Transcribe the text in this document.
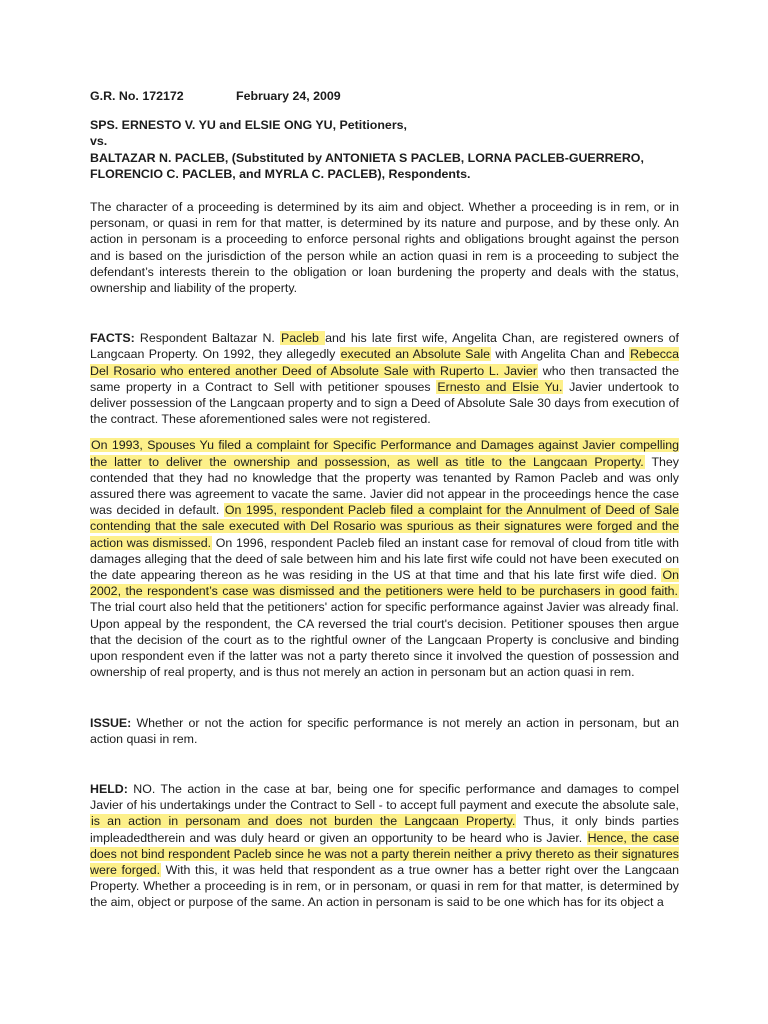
G.R. No. 172172	February 24, 2009
SPS. ERNESTO V. YU and ELSIE ONG YU, Petitioners,
vs.
BALTAZAR N. PACLEB, (Substituted by ANTONIETA S PACLEB, LORNA PACLEB-GUERRERO,
FLORENCIO C. PACLEB, and MYRLA C. PACLEB), Respondents.

The character of a proceeding is determined by its aim and object. Whether a proceeding is in rem, or in personam, or quasi in rem for that matter, is determined by its nature and purpose, and by these only. An action in personam is a proceeding to enforce personal rights and obligations brought against the person and is based on the jurisdiction of the person while an action quasi in rem is a proceeding to subject the defendant’s interests therein to the obligation or loan burdening the property and deals with the status, ownership and liability of the property.

FACTS: Respondent Baltazar N. Pacleb and his late first wife, Angelita Chan, are registered owners of Langcaan Property. On 1992, they allegedly executed an Absolute Sale with Angelita Chan and Rebecca Del Rosario who entered another Deed of Absolute Sale with Ruperto L. Javier who then transacted the same property in a Contract to Sell with petitioner spouses Ernesto and Elsie Yu. Javier undertook to deliver possession of the Langcaan property and to sign a Deed of Absolute Sale 30 days from execution of the contract. These aforementioned sales were not registered.

On 1993, Spouses Yu filed a complaint for Specific Performance and Damages against Javier compelling the latter to deliver the ownership and possession, as well as title to the Langcaan Property. They contended that they had no knowledge that the property was tenanted by Ramon Pacleb and was only assured there was agreement to vacate the same. Javier did not appear in the proceedings hence the case was decided in default. On 1995, respondent Pacleb filed a complaint for the Annulment of Deed of Sale contending that the sale executed with Del Rosario was spurious as their signatures were forged and the action was dismissed. On 1996, respondent Pacleb filed an instant case for removal of cloud from title with damages alleging that the deed of sale between him and his late first wife could not have been executed on the date appearing thereon as he was residing in the US at that time and that his late first wife died. On 2002, the respondent’s case was dismissed and the petitioners were held to be purchasers in good faith. The trial court also held that the petitioners' action for specific performance against Javier was already final. Upon appeal by the respondent, the CA reversed the trial court's decision. Petitioner spouses then argue that the decision of the court as to the rightful owner of the Langcaan Property is conclusive and binding upon respondent even if the latter was not a party thereto since it involved the question of possession and ownership of real property, and is thus not merely an action in personam but an action quasi in rem.

ISSUE: Whether or not the action for specific performance is not merely an action in personam, but an action quasi in rem.

HELD: NO. The action in the case at bar, being one for specific performance and damages to compel Javier of his undertakings under the Contract to Sell - to accept full payment and execute the absolute sale, is an action in personam and does not burden the Langcaan Property. Thus, it only binds parties impleadedtherein and was duly heard or given an opportunity to be heard who is Javier. Hence, the case does not bind respondent Pacleb since he was not a party therein neither a privy thereto as their signatures were forged. With this, it was held that respondent as a true owner has a better right over the Langcaan Property. Whether a proceeding is in rem, or in personam, or quasi in rem for that matter, is determined by the aim, object or purpose of the same. An action in personam is said to be one which has for its object a
